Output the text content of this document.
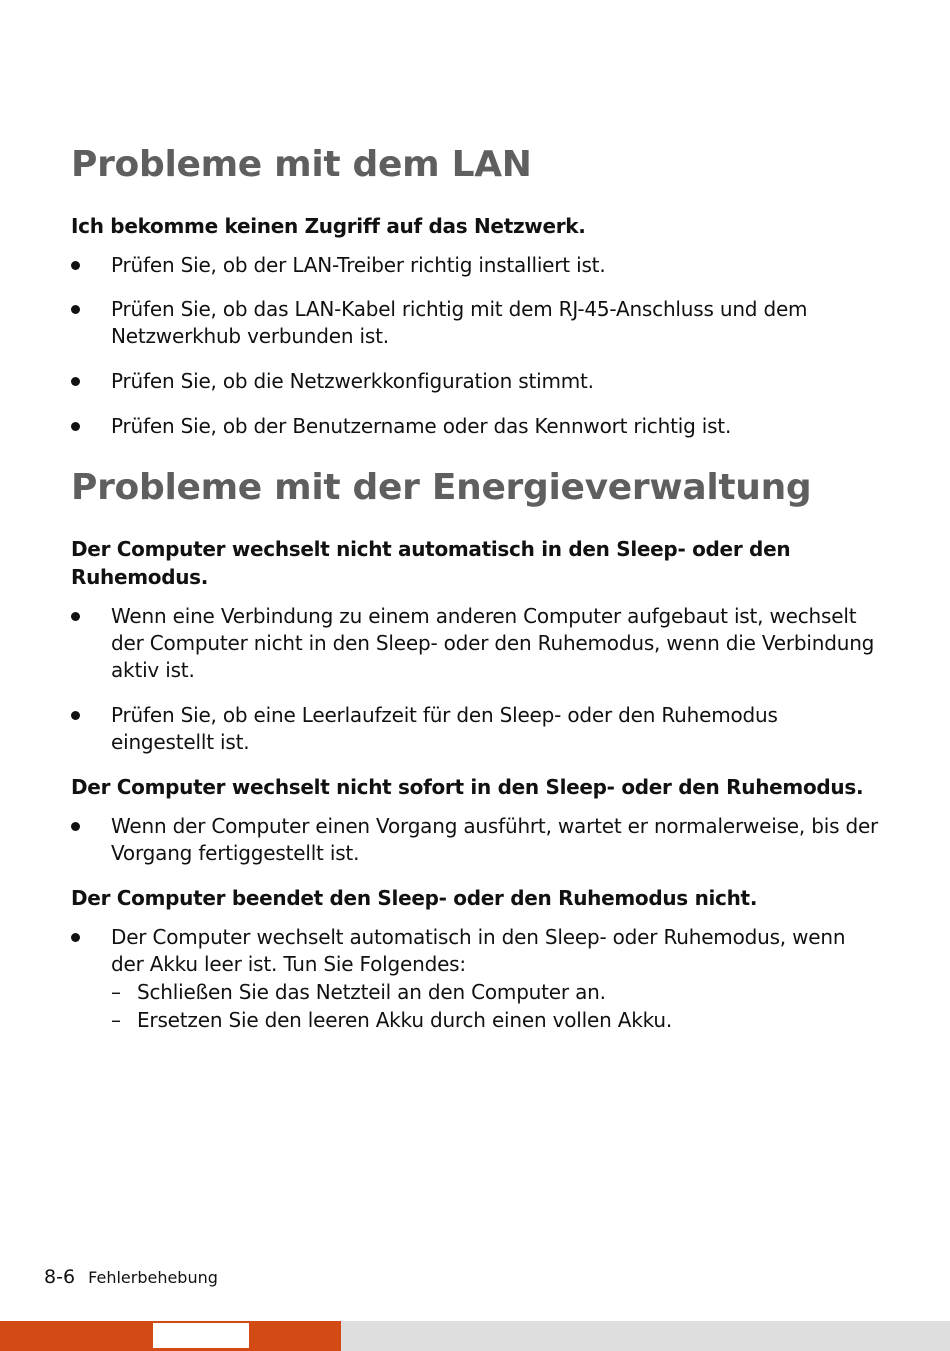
Probleme mit dem LAN
Ich bekomme keinen Zugriff auf das Netzwerk.
Prüfen Sie, ob der LAN-Treiber richtig installiert ist.
Prüfen Sie, ob das LAN-Kabel richtig mit dem RJ-45-Anschluss und dem Netzwerkhub verbunden ist.
Prüfen Sie, ob die Netzwerkkonfiguration stimmt.
Prüfen Sie, ob der Benutzername oder das Kennwort richtig ist.
Probleme mit der Energieverwaltung
Der Computer wechselt nicht automatisch in den Sleep- oder den Ruhemodus.
Wenn eine Verbindung zu einem anderen Computer aufgebaut ist, wechselt der Computer nicht in den Sleep- oder den Ruhemodus, wenn die Verbindung aktiv ist.
Prüfen Sie, ob eine Leerlaufzeit für den Sleep- oder den Ruhemodus eingestellt ist.
Der Computer wechselt nicht sofort in den Sleep- oder den Ruhemodus.
Wenn der Computer einen Vorgang ausführt, wartet er normalerweise, bis der Vorgang fertiggestellt ist.
Der Computer beendet den Sleep- oder den Ruhemodus nicht.
Der Computer wechselt automatisch in den Sleep- oder Ruhemodus, wenn der Akku leer ist. Tun Sie Folgendes:
– Schließen Sie das Netzteil an den Computer an.
– Ersetzen Sie den leeren Akku durch einen vollen Akku.
8-6 Fehlerbehebung
